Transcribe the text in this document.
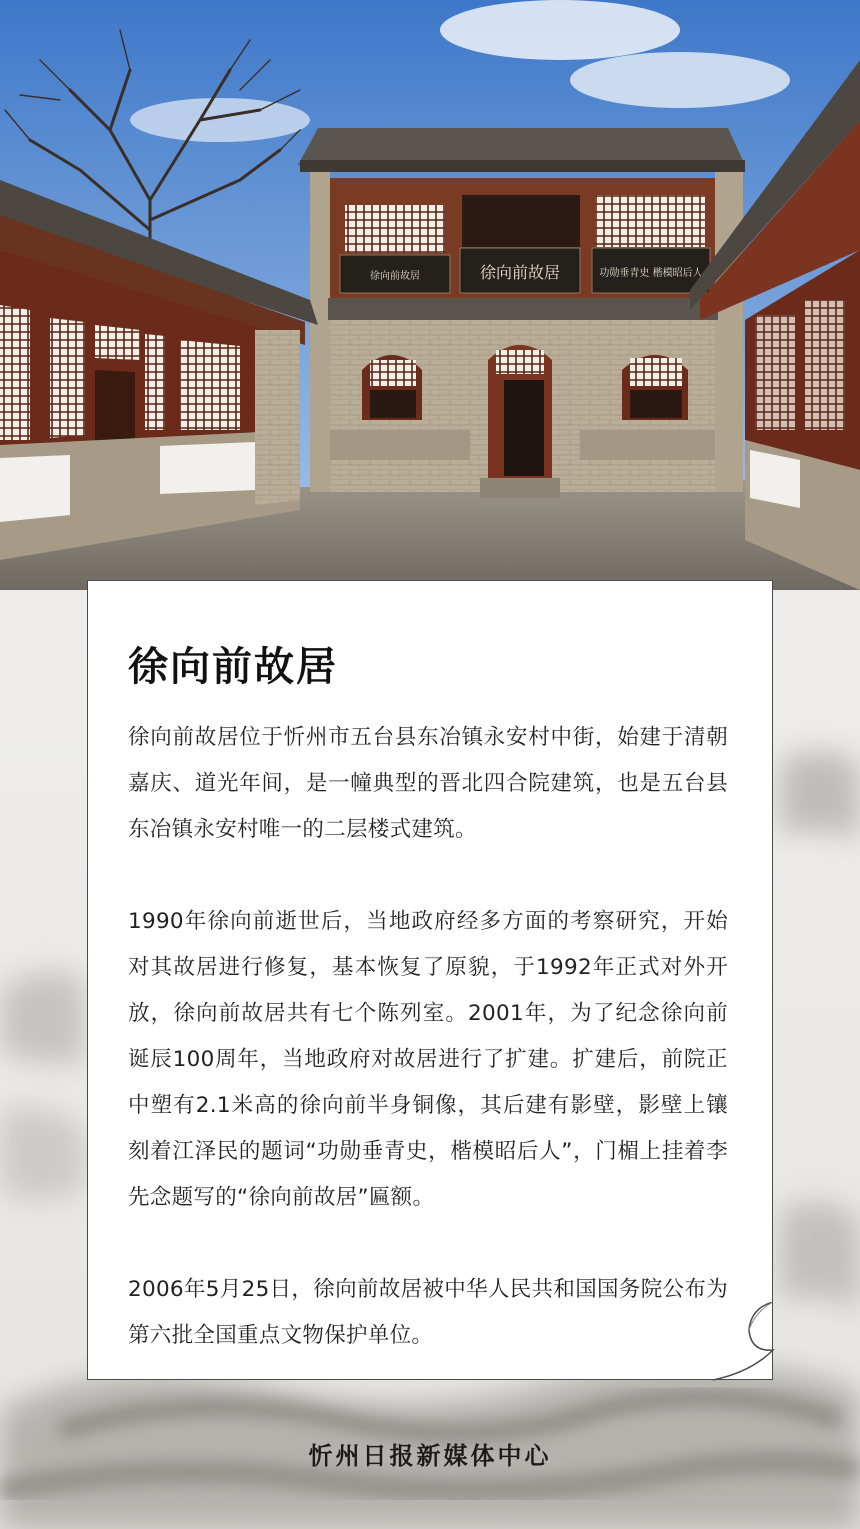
徐向前故居	功勋垂青史 楷模昭后人
徐向前故居
徐向前故居

徐向前故居位于忻州市五台县东冶镇永安村中街，始建于清朝嘉庆、道光年间，是一幢典型的晋北四合院建筑，也是五台县东冶镇永安村唯一的二层楼式建筑。

1990年徐向前逝世后，当地政府经多方面的考察研究，开始对其故居进行修复，基本恢复了原貌，于1992年正式对外开放，徐向前故居共有七个陈列室。2001年，为了纪念徐向前诞辰100周年，当地政府对故居进行了扩建。扩建后，前院正中塑有2.1米高的徐向前半身铜像，其后建有影壁，影壁上镶刻着江泽民的题词“功勋垂青史，楷模昭后人”，门楣上挂着李先念题写的“徐向前故居”匾额。

2006年5月25日，徐向前故居被中华人民共和国国务院公布为第六批全国重点文物保护单位。

忻州日报新媒体中心
